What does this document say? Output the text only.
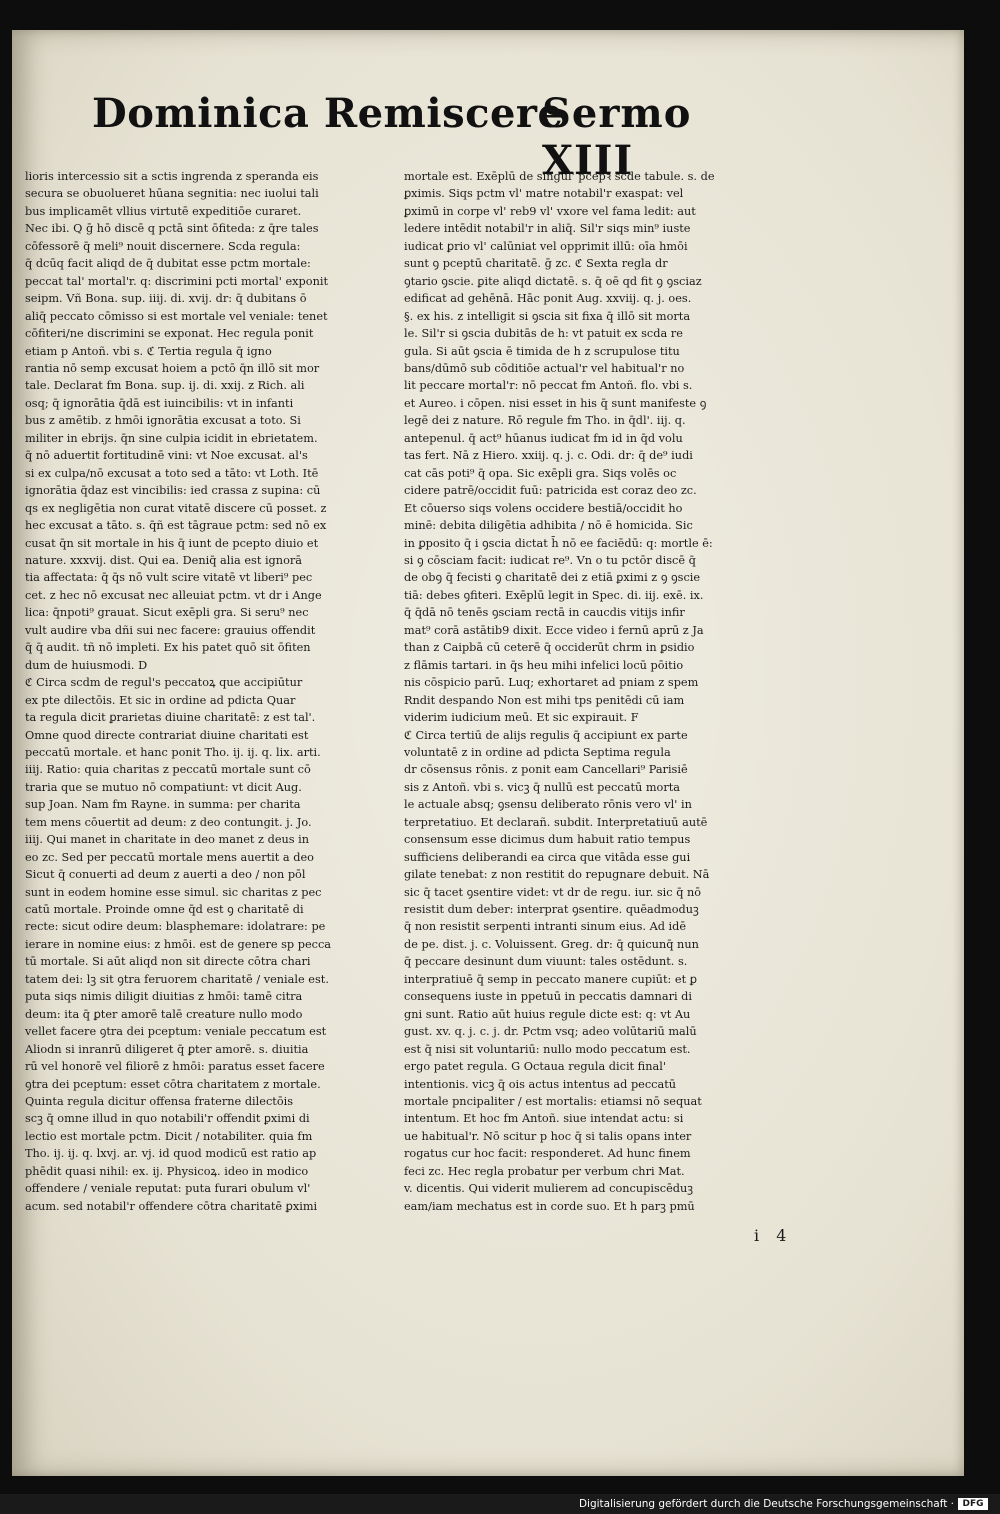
Dominica Remiscere
Sermo XIII
lioris intercessio sit a sctis ingrenda z speranda eis
secura se obuolueret hūana segnitia: nec iuolui tali
bus implicamēt vllius virtutē expeditiōe curaret.
Nec ibi. Q ḡ hō discē q pctā sint ōfiteda: z q̄re tales
cōfessorē q̄ meli⁹ nouit discernere. Scda regula:
q̄ dcūq facit aliqd de q̄ dubitat esse pctm mortale:
peccat tal' mortal'r. q: discrimini pcti mortal' exponit
seipm. Vñ Bona. sup. iiij. di. xvij. dr: q̄ dubitans ō
aliq̄ peccato cōmisso si est mortale vel veniale: tenet
cōfiteri/ne discrimini se exponat. Hec regula ponit
etiam p Antoñ. vbi s. ℭ Tertia regula q̄ igno
rantia nō semp excusat hoiem a pctō q̄n illō sit mor
tale. Declarat fm Bona. sup. ij. di. xxij. z Rich. ali
osq; q̄ ignorātia q̄dā est iuincibilis: vt in infanti
bus z amētib. z hmōi ignorātia excusat a toto. Si
militer in ebrijs. q̄n sine culpia icidit in ebrietatem.
q̄ nō aduertit fortitudinē vini: vt Noe excusat. al's
si ex culpa/nō excusat a toto sed a tāto: vt Loth. Itē
ignorātia q̄daz est vincibilis: ied crassa z supina: cū
qs ex negligētia non curat vitatē discere cū posset. z
hec excusat a tāto. s. q̄ñ est tāgraue pctm: sed nō ex
cusat q̄n sit mortale in his q̄ iunt de pcepto diuio et
nature. xxxvij. dist. Qui ea. Deniq̄ alia est ignorā
tia affectata: q̄ q̄s nō vult scire vitatē vt liberi⁹ pec
cet. z hec nō excusat nec alleuiat pctm. vt dr i Ange
lica: q̄npoti⁹ grauat. Sicut exēpli gra. Si seru⁹ nec
vult audire vba dñi sui nec facere: grauius offendit
q̄ q̄ audit. tñ nō impleti. Ex his patet quō sit ōfiten
dum de huiusmodi. D
ℭ Circa scdm de regul's peccatoꝝ que accipiūtur
ex pte dilectōis. Et sic in ordine ad pdicta Quar
ta regula dicit ꝑrarietas diuine charitatē: z est tal'.
Omne quod directe contrariat diuine charitati est
peccatū mortale. et hanc ponit Tho. ij. ij. q. lix. arti.
iiij. Ratio: quia charitas z peccatū mortale sunt cō
traria que se mutuo nō compatiunt: vt dicit Aug.
sup Joan. Nam fm Rayne. in summa: per charita
tem mens cōuertit ad deum: z deo contungit. j. Jo.
iiij. Qui manet in charitate in deo manet z deus in
eo zc. Sed per peccatū mortale mens auertit a deo
Sicut q̄ conuerti ad deum z auerti a deo / non pōl
sunt in eodem homine esse simul. sic charitas z pec
catū mortale. Proinde omne q̄d est ꝯ charitatē di
recte: sicut odire deum: blasphemare: idolatrare: pe
ierare in nomine eius: z hmōi. est de genere sp pecca
tū mortale. Si aūt aliqd non sit directe cōtra chari
tatem dei: lꝫ sit ꝯtra feruorem charitatē / veniale est.
puta siqs nimis diligit diuitias z hmōi: tamē citra
deum: ita q̄ ꝑter amorē talē creature nullo modo
vellet facere ꝯtra dei pceptum: veniale peccatum est
Aliodn si inranrū diligeret q̄ ꝑter amorē. s. diuitia
rū vel honorē vel filiorē z hmōi: paratus esset facere
ꝯtra dei pceptum: esset cōtra charitatem z mortale.
Quinta regula dicitur offensa fraterne dilectōis
scꝫ q̄ omne illud in quo notabili'r offendit ꝑximi di
lectio est mortale pctm. Dicit / notabiliter. quia fm
Tho. ij. ij. q. lxvj. ar. vj. id quod modicū est ratio ap
phēdit quasi nihil: ex. ij. Physicoꝝ. ideo in modico
offendere / veniale reputat: puta furari obulum vl'
acum. sed notabil'r offendere cōtra charitatē ꝑximi
mortale est. Exēplū de singul' pcepꝛ scde tabule. s. de
ꝑximis. Siqs pctm vl' matre notabil'r exaspat: vel
ꝑximū in corpe vl' reb9 vl' vxore vel fama ledit: aut
ledere intēdit notabil'r in aliq̄. Sil'r siqs min⁹ iuste
iudicat ꝑrio vl' calūniat vel opprimit illū: oīa hmōi
sunt ꝯ pceptū charitatē. ḡ zc. ℭ Sexta regla dr
ꝯtario ꝯscie. ꝑite aliqd dictatē. s. q̄ oē qd fit ꝯ ꝯsciaz
edificat ad gehēnā. Hāc ponit Aug. xxviij. q. j. oes.
§. ex his. z intelligit si ꝯscia sit fixa q̄ illō sit morta
le. Sil'r si ꝯscia dubitās de h: vt patuit ex scda re
gula. Si aūt ꝯscia ē timida de h z scrupulose titu
bans/dūmō sub cōditiōe actual'r vel habitual'r no
lit peccare mortal'r: nō peccat fm Antoñ. flo. vbi s.
et Aureo. i cōpen. nisi esset in his q̄ sunt manifeste ꝯ
legē dei z nature. Rō regule fm Tho. in q̄dl'. iij. q.
antepenul. q̄ act⁹ hūanus iudicat fm id in q̄d volu
tas fert. Nā z Hiero. xxiij. q. j. c. Odi. dr: q̄ de⁹ iudi
cat cās poti⁹ q̄ opa. Sic exēpli gra. Siqs volēs oc
cidere patrē/occidit fuū: patricida est coraz deo zc.
Et cōuerso siqs volens occidere bestiā/occidit ho
minē: debita diligētia adhibita / nō ē homicida. Sic
in ꝑposito q̄ i ꝯscia dictat h̄ nō ee faciēdū: q: mortle ē:
si ꝯ cōsciam facit: iudicat re⁹. Vn o tu pctōr discē q̄
de obꝯ q̄ fecisti ꝯ charitatē dei z etiā ꝑximi z ꝯ ꝯscie
tiā: debes ꝯfiteri. Exēplū legit in Spec. di. iij. exē. ix.
q̄ q̄dā nō tenēs ꝯsciam rectā in caucdis vitijs infir
mat⁹ corā astātib9 dixit. Ecce video i fernū aprū z Ja
than z Caipbā cū ceterē q̄ occiderūt chrm in ꝑsidio
z flāmis tartari. in q̄s heu mihi infelici locū pōitio
nis cōspicio parū. Luq; exhortaret ad pniam z spem
Rndit despando Non est mihi tps penitēdi cū iam
viderim iudicium meū. Et sic expirauit. F
ℭ Circa tertiū de alijs regulis q̄ accipiunt ex parte
voluntatē z in ordine ad pdicta Septima regula
dr cōsensus rōnis. z ponit eam Cancellari⁹ Parisiē
sis z Antoñ. vbi s. vicꝫ q̄ nullū est peccatū morta
le actuale absq; ꝯsensu deliberato rōnis vero vl' in
terpretatiuo. Et declarañ. subdit. Interpretatiuū autē
consensum esse dicimus dum habuit ratio tempus
sufficiens deliberandi ea circa que vitāda esse gui
gilate tenebat: z non restitit do repugnare debuit. Nā
sic q̄ tacet ꝯsentire videt: vt dr de regu. iur. sic q̄ nō
resistit dum deber: interprat ꝯsentire. quēadmoduꝫ
q̄ non resistit serpenti intranti sinum eius. Ad idē
de pe. dist. j. c. Voluissent. Greg. dr: q̄ quicunq̄ nun
q̄ peccare desinunt dum viuunt: tales ostēdunt. s.
interpratiuē q̄ semp in peccato manere cupiūt: et ꝑ
consequens iuste in ppetuū in peccatis damnari di
gni sunt. Ratio aūt huius regule dicte est: q: vt Au
gust. xv. q. j. c. j. dr. Pctm vsq; adeo volūtariū malū
est q̄ nisi sit voluntariū: nullo modo peccatum est.
ergo patet regula. G Octaua regula dicit final'
intentionis. vicꝫ q̄ ois actus intentus ad peccatū
mortale pncipaliter / est mortalis: etiamsi nō sequat
intentum. Et hoc fm Antoñ. siue intendat actu: si
ue habitual'r. Nō scitur p hoc q̄ si talis opans inter
rogatus cur hoc facit: responderet. Ad hunc finem
feci zc. Hec regla probatur per verbum chri Mat.
v. dicentis. Qui viderit mulierem ad concupiscēduꝫ
eam/iam mechatus est in corde suo. Et h parꝫ pmū
i 4
Digitalisierung gefördert durch die Deutsche Forschungsgemeinschaft · DFG
